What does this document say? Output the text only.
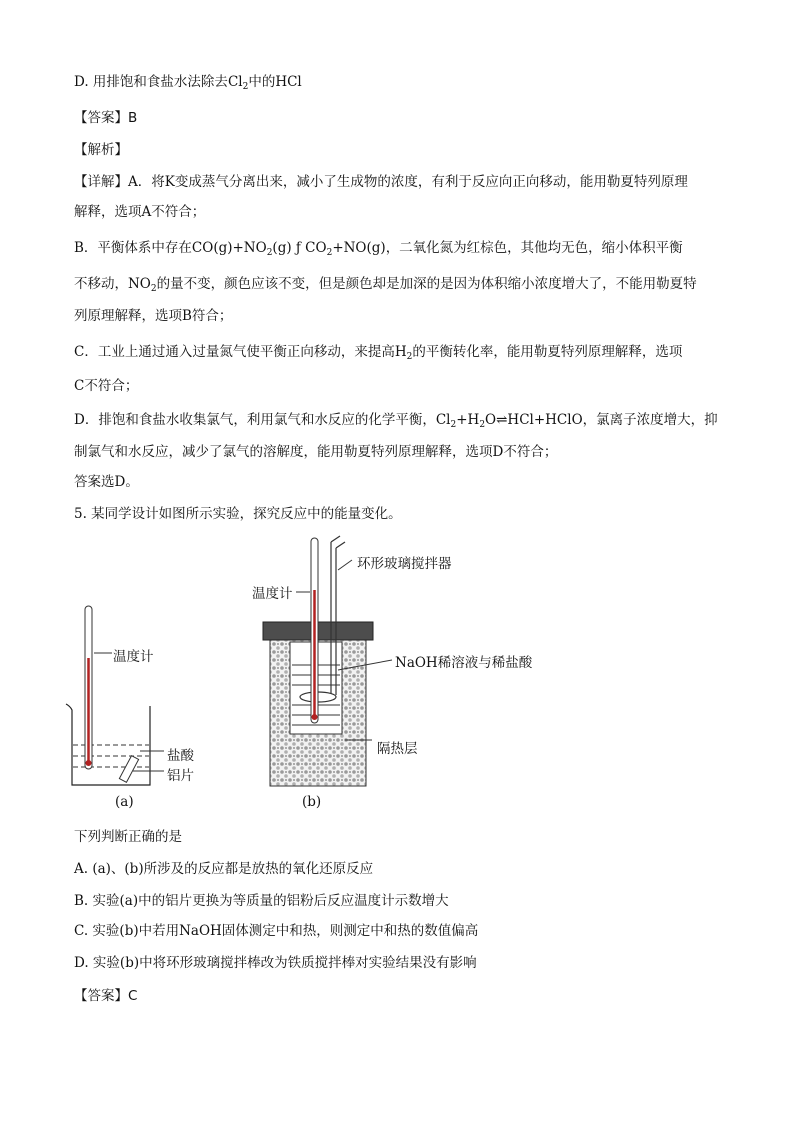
D. 用排饱和食盐水法除去$Cl_2$中的HCl
【答案】B
【解析】
【详解】A．将K变成蒸气分离出来，减小了生成物的浓度，有利于反应向正向移动，能用勒夏特列原理
解释，选项A不符合；
B．平衡体系中存在$CO(g)+NO_2(g)$ ƒ $CO_2+NO(g)$，二氧化氮为红棕色，其他均无色，缩小体积平衡
不移动，$NO_2$的量不变，颜色应该不变，但是颜色却是加深的是因为体积缩小浓度增大了，不能用勒夏特
列原理解释，选项B符合；
C．工业上通过通入过量氮气使平衡正向移动，来提高$H_2$的平衡转化率，能用勒夏特列原理解释，选项
C不符合；
D．排饱和食盐水收集氯气，利用氯气和水反应的化学平衡，$Cl_2+H_2O\rightleftharpoons HCl+HClO$，氯离子浓度增大，抑
制氯气和水反应，减少了氯气的溶解度，能用勒夏特列原理解释，选项D不符合；
答案选D。
5. 某同学设计如图所示实验，探究反应中的能量变化。
温度计
盐酸
铝片
(a)
环形玻璃搅拌器
温度计
NaOH稀溶液与稀盐酸
隔热层
(b)
下列判断正确的是
A. (a)、(b)所涉及的反应都是放热的氧化还原反应
B. 实验(a)中的铝片更换为等质量的铝粉后反应温度计示数增大
C. 实验(b)中若用NaOH固体测定中和热，则测定中和热的数值偏高
D. 实验(b)中将环形玻璃搅拌棒改为铁质搅拌棒对实验结果没有影响
【答案】C
